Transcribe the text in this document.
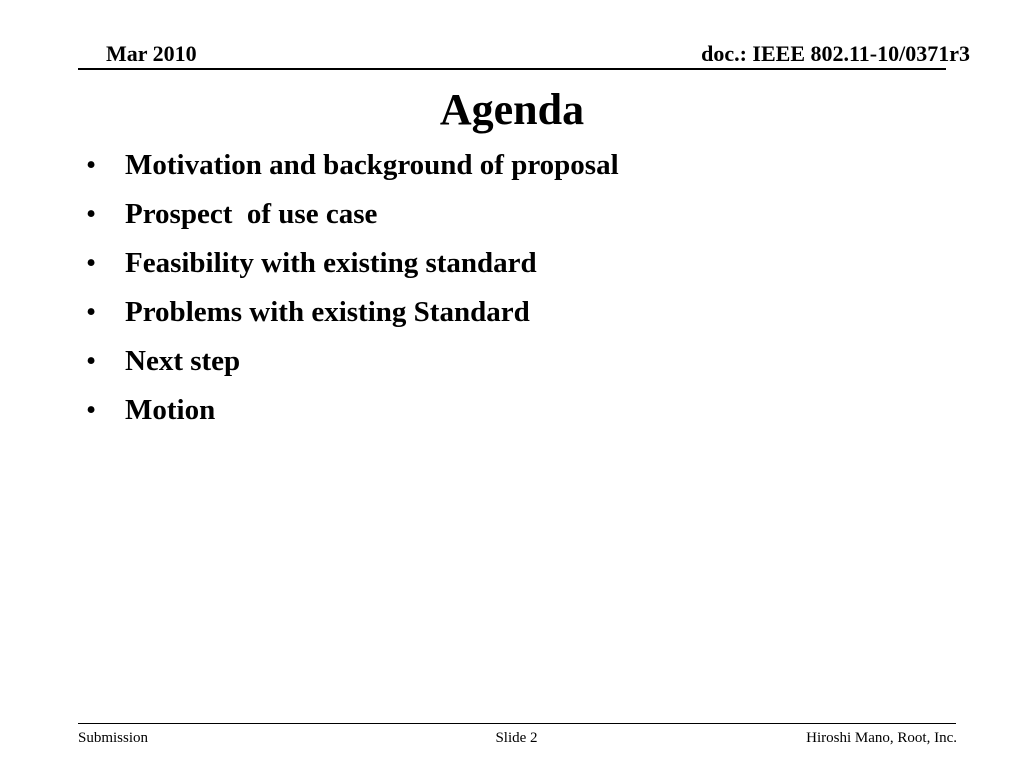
Mar 2010	doc.: IEEE 802.11-10/0371r3
Agenda
• Motivation and background of proposal
• Prospect  of use case
• Feasibility with existing standard
• Problems with existing Standard
• Next step
• Motion
Submission	Slide 2	Hiroshi Mano, Root, Inc.
